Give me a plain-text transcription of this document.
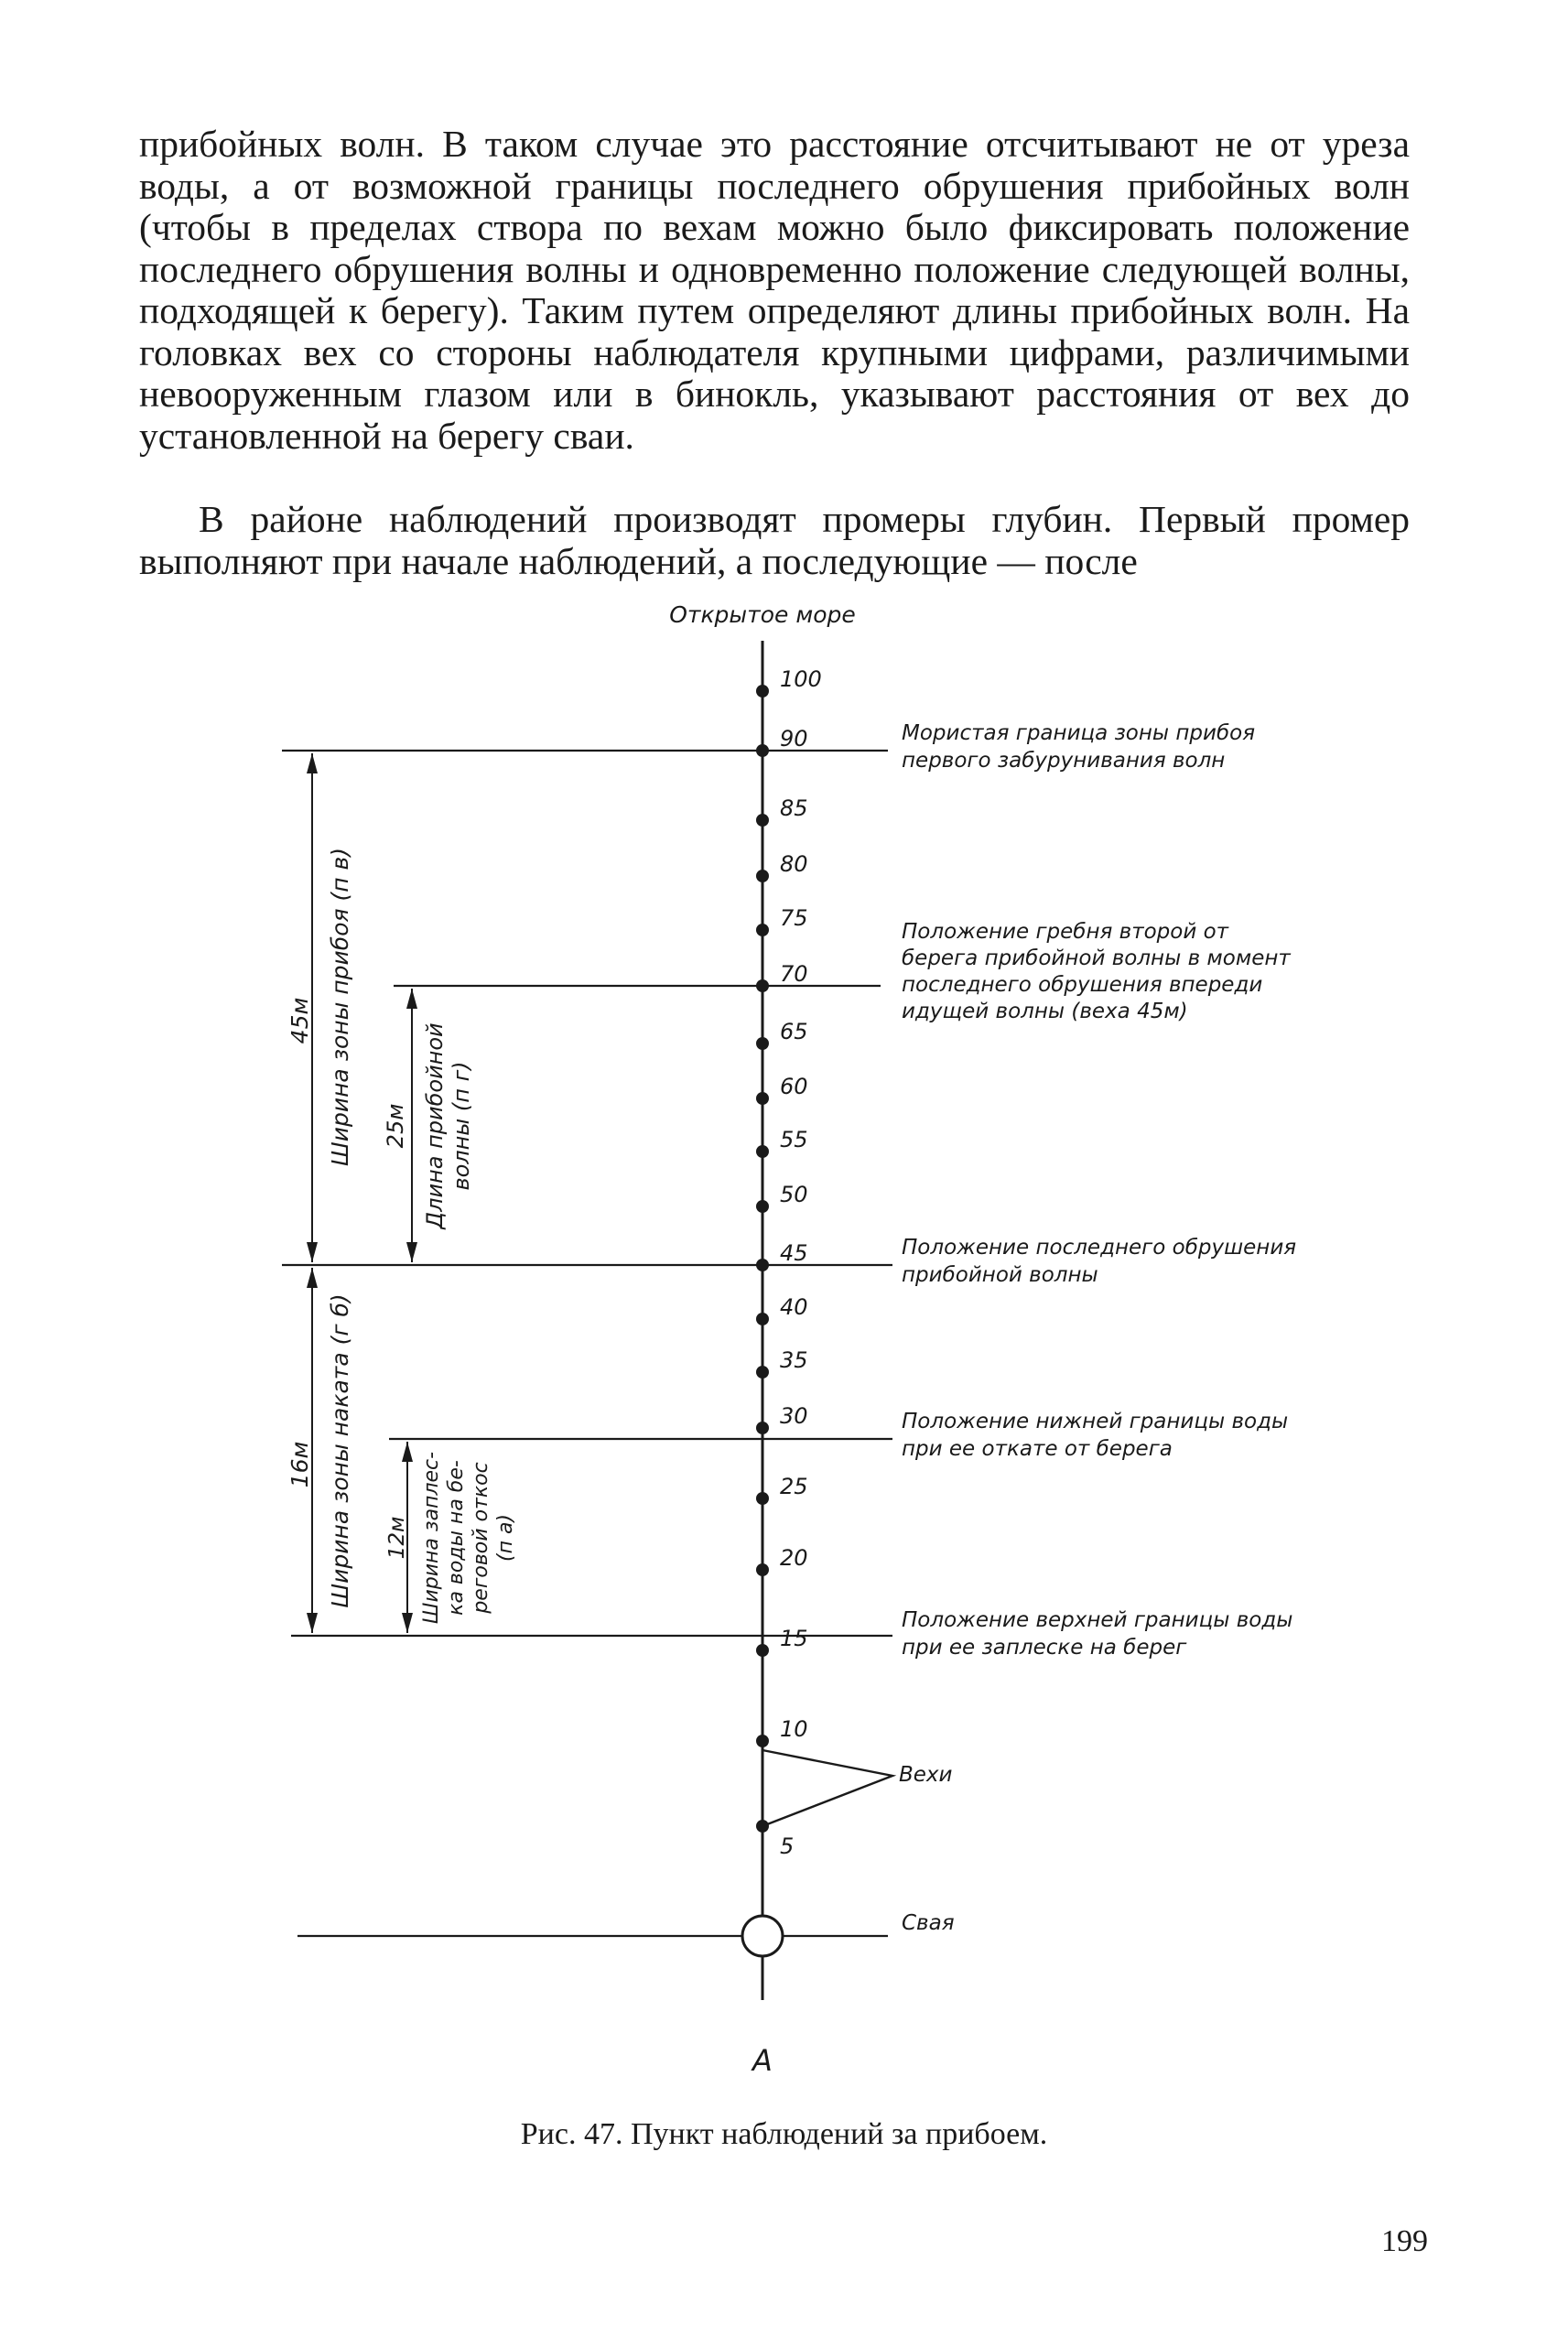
прибойных волн. В таком случае это расстояние отсчитывают не от уреза воды, а от возможной границы последнего обрушения прибойных волн (чтобы в пределах створа по вехам можно было фиксировать положение последнего обрушения волны и одновременно положение следующей волны, подходящей к берегу). Таким путем определяют длины прибойных волн. На головках вех со стороны наблюдателя крупными цифрами, различимыми невооруженным глазом или в бинокль, указывают расстояния от вех до установленной на берегу сваи.

В районе наблюдений производят промеры глубин. Первый промер выполняют при начале наблюдений, а последующие — после

Открытое море
45м Ширина зоны прибоя (п в) 25м Длина прибойной волны (п г)
16м Ширина зоны наката (г б) 12м Ширина заплес- ка воды на бе- реговой откос (п а)
100
90
85
80
75
70
65
60
55
50
45
40
35
30
25
20
15
10
5
Вехи
Свая
А
Мористая граница зоны прибоя
первого забурунивания волн
Положение гребня второй от
берега прибойной волны в момент
последнего обрушения впереди
идущей волны (веха 45м)
Положение последнего обрушения
прибойной волны
Положение нижней границы воды
при ее откате от берега
Положение верхней границы воды
при ее заплеске на берег
Рис. 47. Пункт наблюдений за прибоем.
199
